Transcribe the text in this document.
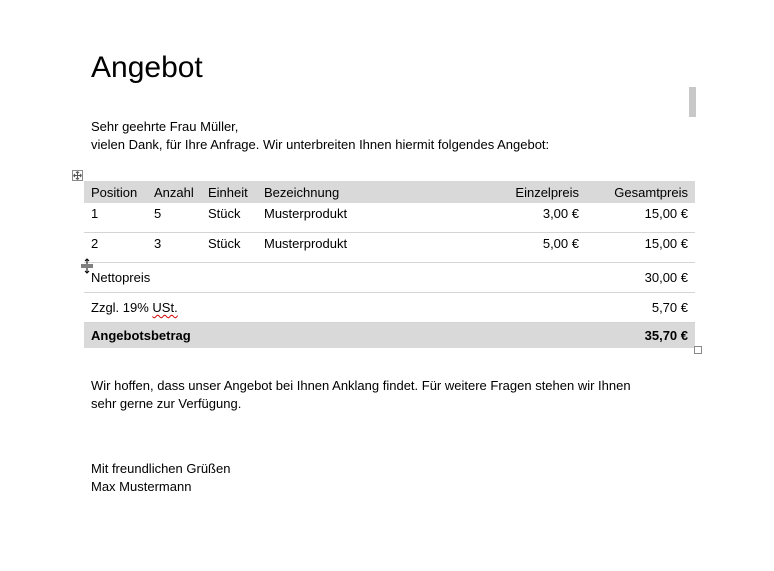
Angebot
Sehr geehrte Frau Müller,
vielen Dank, für Ihre Anfrage. Wir unterbreiten Ihnen hiermit folgendes Angebot:
Position	Anzahl	Einheit	Bezeichnung	Einzelpreis	Gesamtpreis
1	5	Stück	Musterprodukt	3,00 €	15,00 €
2	3	Stück	Musterprodukt	5,00 €	15,00 €
Nettopreis					30,00 €
Zzgl. 19% USt.					5,70 €
Angebotsbetrag					35,70 €
Wir hoffen, dass unser Angebot bei Ihnen Anklang findet. Für weitere Fragen stehen wir Ihnen
sehr gerne zur Verfügung.
Mit freundlichen Grüßen
Max Mustermann
